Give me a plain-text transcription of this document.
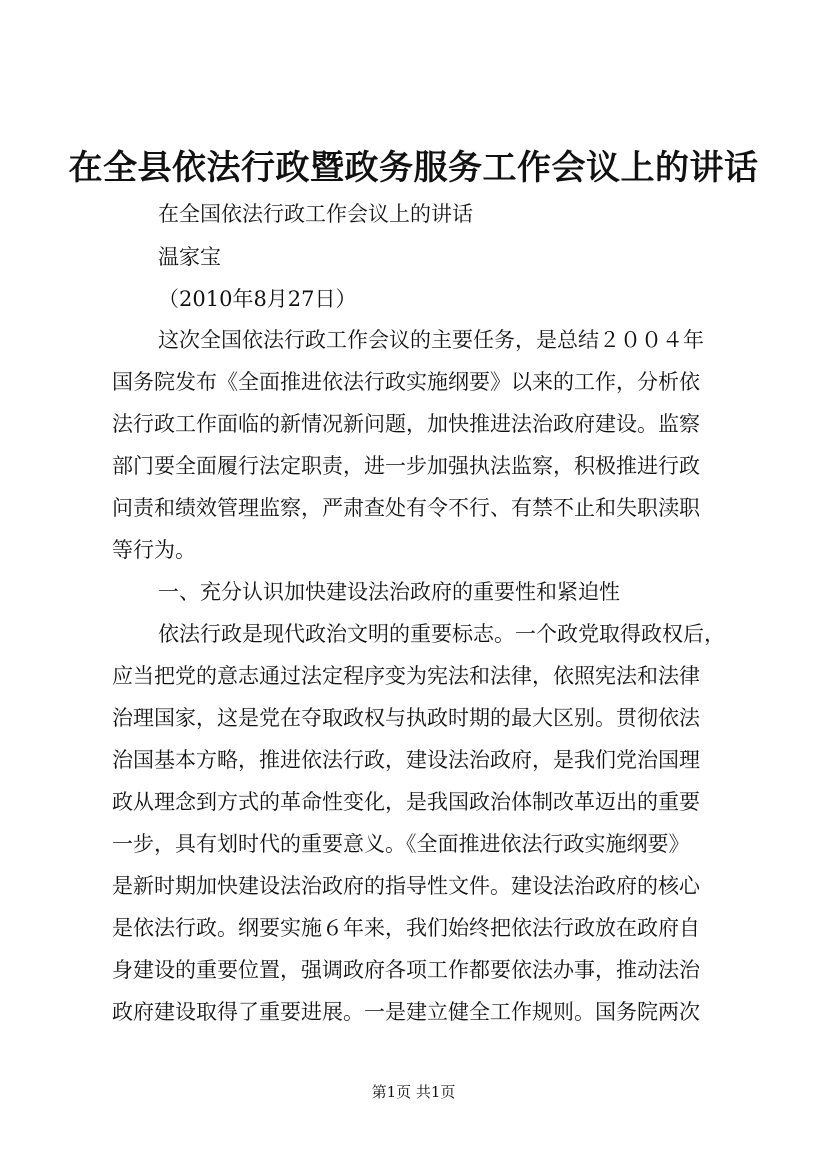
在全县依法行政暨政务服务工作会议上的讲话
在全国依法行政工作会议上的讲话
温家宝
（2010年8月27日）
这次全国依法行政工作会议的主要任务，是总结２００４年
国务院发布《全面推进依法行政实施纲要》以来的工作，分析依
法行政工作面临的新情况新问题，加快推进法治政府建设。监察
部门要全面履行法定职责，进一步加强执法监察，积极推进行政
问责和绩效管理监察，严肃查处有令不行、有禁不止和失职渎职
等行为。
一、充分认识加快建设法治政府的重要性和紧迫性
依法行政是现代政治文明的重要标志。一个政党取得政权后，
应当把党的意志通过法定程序变为宪法和法律，依照宪法和法律
治理国家，这是党在夺取政权与执政时期的最大区别。贯彻依法
治国基本方略，推进依法行政，建设法治政府，是我们党治国理
政从理念到方式的革命性变化，是我国政治体制改革迈出的重要
一步，具有划时代的重要意义。《全面推进依法行政实施纲要》
是新时期加快建设法治政府的指导性文件。建设法治政府的核心
是依法行政。纲要实施６年来，我们始终把依法行政放在政府自
身建设的重要位置，强调政府各项工作都要依法办事，推动法治
政府建设取得了重要进展。一是建立健全工作规则。国务院两次
第1页 共1页
